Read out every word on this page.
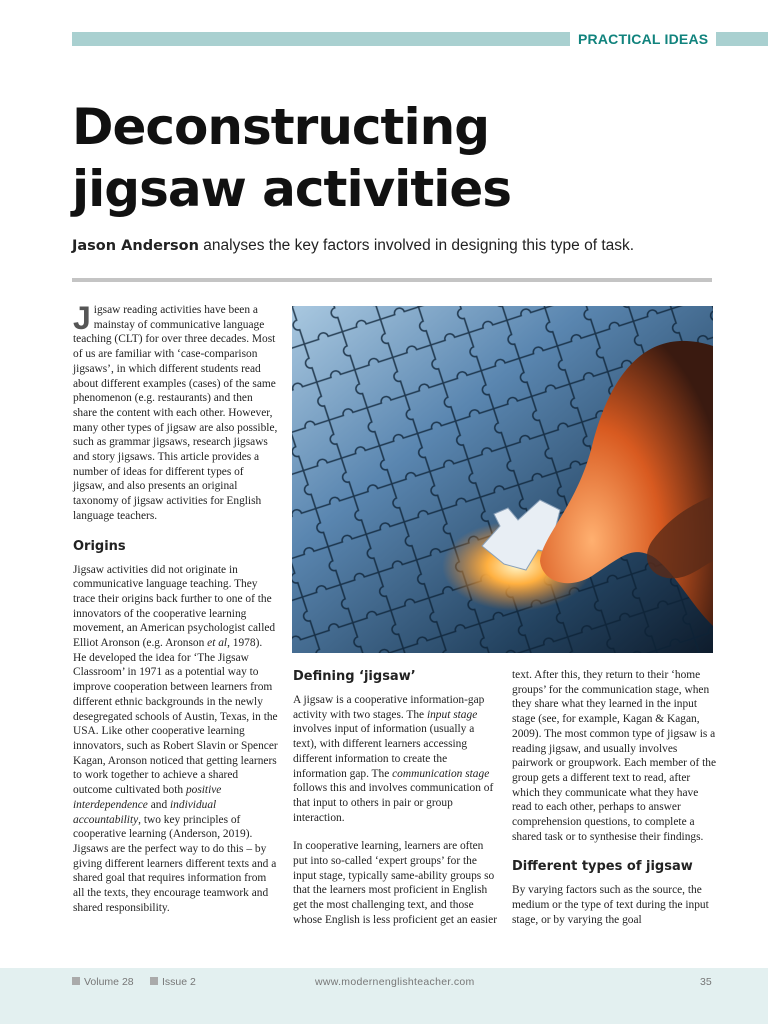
PRACTICAL IDEAS
Deconstructing
jigsaw activities
Jason Anderson analyses the key factors involved in designing this type of task.

Jigsaw reading activities have been a mainstay of communicative language teaching (CLT) for over three decades. Most of us are familiar with ‘case-comparison jigsaws’, in which different students read about different examples (cases) of the same phenomenon (e.g. restaurants) and then share the content with each other. However, many other types of jigsaw are also possible, such as grammar jigsaws, research jigsaws and story jigsaws. This article provides a number of ideas for different types of jigsaw, and also presents an original taxonomy of jigsaw activities for English language teachers.

Origins

Jigsaw activities did not originate in communicative language teaching. They trace their origins back further to one of the innovators of the cooperative learning movement, an American psychologist called Elliot Aronson (e.g. Aronson et al, 1978). He developed the idea for ‘The Jigsaw Classroom’ in 1971 as a potential way to improve cooperation between learners from different ethnic backgrounds in the newly desegregated schools of Austin, Texas, in the USA. Like other cooperative learning innovators, such as Robert Slavin or Spencer Kagan, Aronson noticed that getting learners to work together to achieve a shared outcome cultivated both positive interdependence and individual accountability, two key principles of cooperative learning (Anderson, 2019). Jigsaws are the perfect way to do this – by giving different learners different texts and a shared goal that requires information from all the texts, they encourage teamwork and shared responsibility.

Defining ‘jigsaw’

A jigsaw is a cooperative information-gap activity with two stages. The input stage involves input of information (usually a text), with different learners accessing different information to create the information gap. The communication stage follows this and involves communication of that input to others in pair or group interaction.

In cooperative learning, learners are often put into so-called ‘expert groups’ for the input stage, typically same-ability groups so that the learners most proficient in English get the most challenging text, and those whose English is less proficient get an easier

text. After this, they return to their ‘home groups’ for the communication stage, when they share what they learned in the input stage (see, for example, Kagan & Kagan, 2009). The most common type of jigsaw is a reading jigsaw, and usually involves pairwork or groupwork. Each member of the group gets a different text to read, after which they communicate what they have read to each other, perhaps to answer comprehension questions, to complete a shared task or to synthesise their findings.

Different types of jigsaw

By varying factors such as the source, the medium or the type of text during the input stage, or by varying the goal

Volume 28	Issue 2	www.modernenglishteacher.com	35
